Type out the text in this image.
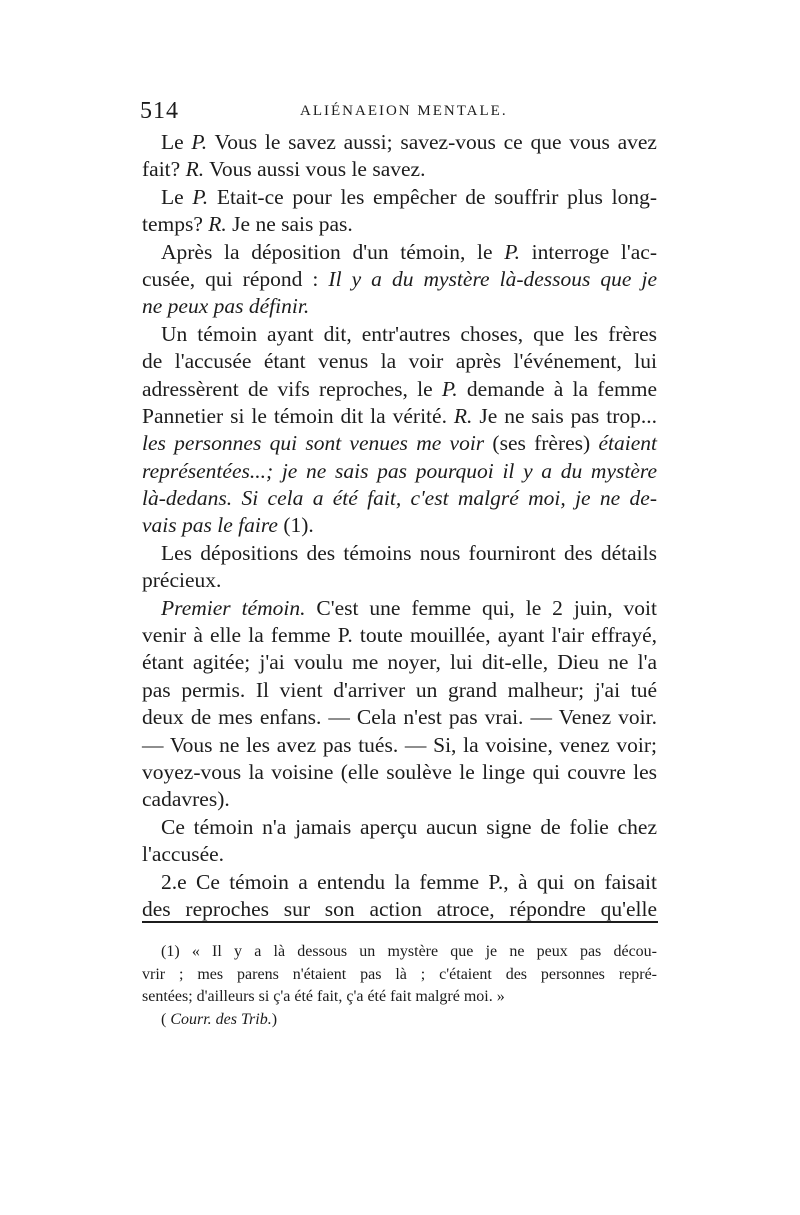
514	ALIÉNAEION MENTALE.
Le P. Vous le savez aussi; savez-vous ce que vous avez
fait? R. Vous aussi vous le savez.
Le P. Etait-ce pour les empêcher de souffrir plus long-
temps? R. Je ne sais pas.
Après la déposition d'un témoin, le P. interroge l'ac-
cusée, qui répond : Il y a du mystère là-dessous que je
ne peux pas définir.
Un témoin ayant dit, entr'autres choses, que les frères
de l'accusée étant venus la voir après l'événement, lui
adressèrent de vifs reproches, le P. demande à la femme
Pannetier si le témoin dit la vérité. R. Je ne sais pas trop...
les personnes qui sont venues me voir (ses frères) étaient
représentées...; je ne sais pas pourquoi il y a du mystère
là-dedans. Si cela a été fait, c'est malgré moi, je ne de-
vais pas le faire (1).
Les dépositions des témoins nous fourniront des détails
précieux.
Premier témoin. C'est une femme qui, le 2 juin, voit
venir à elle la femme P. toute mouillée, ayant l'air effrayé,
étant agitée; j'ai voulu me noyer, lui dit-elle, Dieu ne l'a
pas permis. Il vient d'arriver un grand malheur; j'ai tué
deux de mes enfans. — Cela n'est pas vrai. — Venez voir.
— Vous ne les avez pas tués. — Si, la voisine, venez voir;
voyez-vous la voisine (elle soulève le linge qui couvre les
cadavres).
Ce témoin n'a jamais aperçu aucun signe de folie chez
l'accusée.
2.e Ce témoin a entendu la femme P., à qui on faisait
des reproches sur son action atroce, répondre qu'elle
(1) « Il y a là dessous un mystère que je ne peux pas décou-
vrir ; mes parens n'étaient pas là ; c'étaient des personnes repré-
sentées; d'ailleurs si ç'a été fait, ç'a été fait malgré moi. »
( Courr. des Trib.)
